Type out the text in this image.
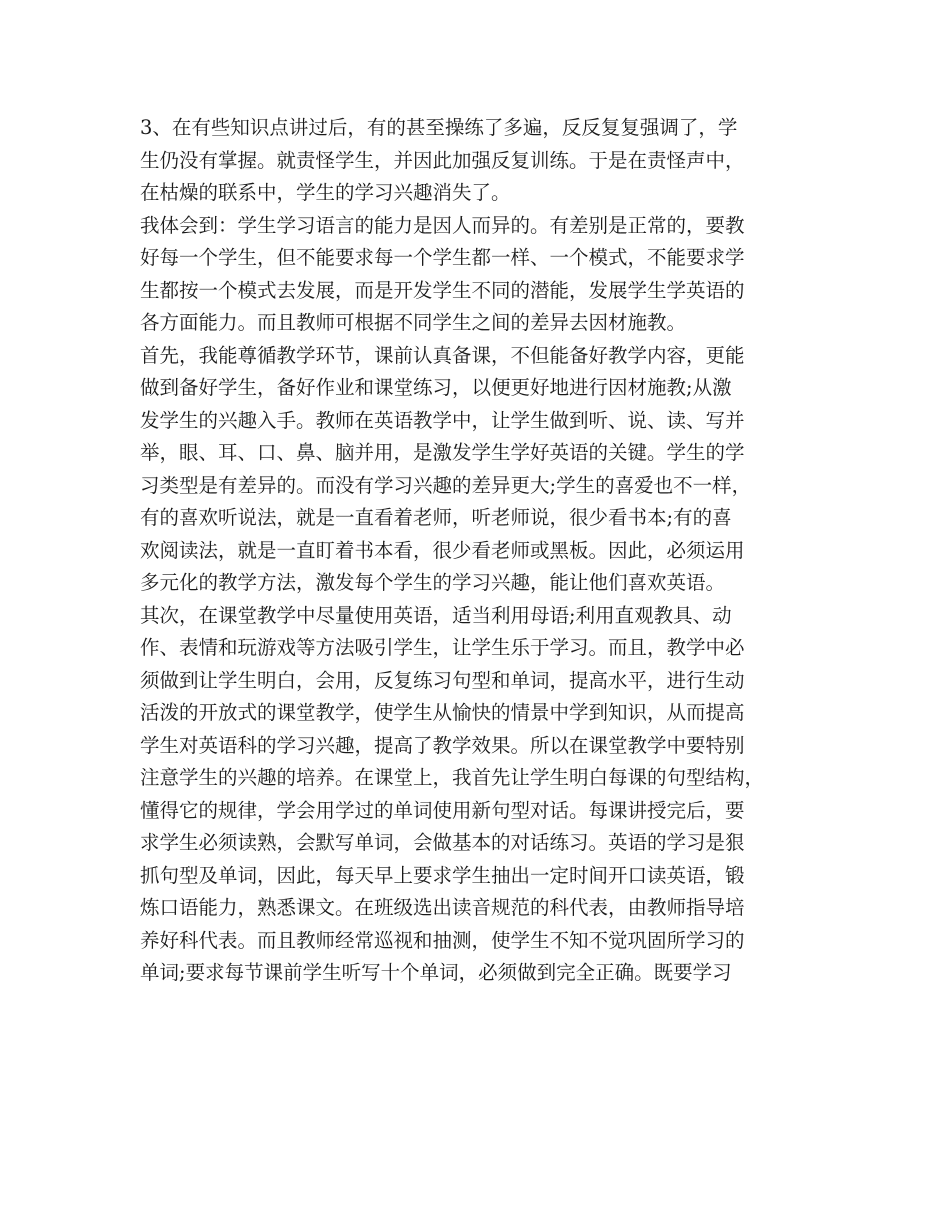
3、在有些知识点讲过后，有的甚至操练了多遍，反反复复强调了，学
生仍没有掌握。就责怪学生，并因此加强反复训练。于是在责怪声中，
在枯燥的联系中，学生的学习兴趣消失了。
我体会到：学生学习语言的能力是因人而异的。有差别是正常的，要教
好每一个学生，但不能要求每一个学生都一样、一个模式，不能要求学
生都按一个模式去发展，而是开发学生不同的潜能，发展学生学英语的
各方面能力。而且教师可根据不同学生之间的差异去因材施教。
首先，我能尊循教学环节，课前认真备课，不但能备好教学内容，更能
做到备好学生，备好作业和课堂练习，以便更好地进行因材施教;从激
发学生的兴趣入手。教师在英语教学中，让学生做到听、说、读、写并
举，眼、耳、口、鼻、脑并用，是激发学生学好英语的关键。学生的学
习类型是有差异的。而没有学习兴趣的差异更大;学生的喜爱也不一样，
有的喜欢听说法，就是一直看着老师，听老师说，很少看书本;有的喜
欢阅读法，就是一直盯着书本看，很少看老师或黑板。因此，必须运用
多元化的教学方法，激发每个学生的学习兴趣，能让他们喜欢英语。
其次，在课堂教学中尽量使用英语，适当利用母语;利用直观教具、动
作、表情和玩游戏等方法吸引学生，让学生乐于学习。而且，教学中必
须做到让学生明白，会用，反复练习句型和单词，提高水平，进行生动
活泼的开放式的课堂教学，使学生从愉快的情景中学到知识，从而提高
学生对英语科的学习兴趣，提高了教学效果。所以在课堂教学中要特别
注意学生的兴趣的培养。在课堂上，我首先让学生明白每课的句型结构，
懂得它的规律，学会用学过的单词使用新句型对话。每课讲授完后，要
求学生必须读熟，会默写单词，会做基本的对话练习。英语的学习是狠
抓句型及单词，因此，每天早上要求学生抽出一定时间开口读英语，锻
炼口语能力，熟悉课文。在班级选出读音规范的科代表，由教师指导培
养好科代表。而且教师经常巡视和抽测，使学生不知不觉巩固所学习的
单词;要求每节课前学生听写十个单词，必须做到完全正确。既要学习
